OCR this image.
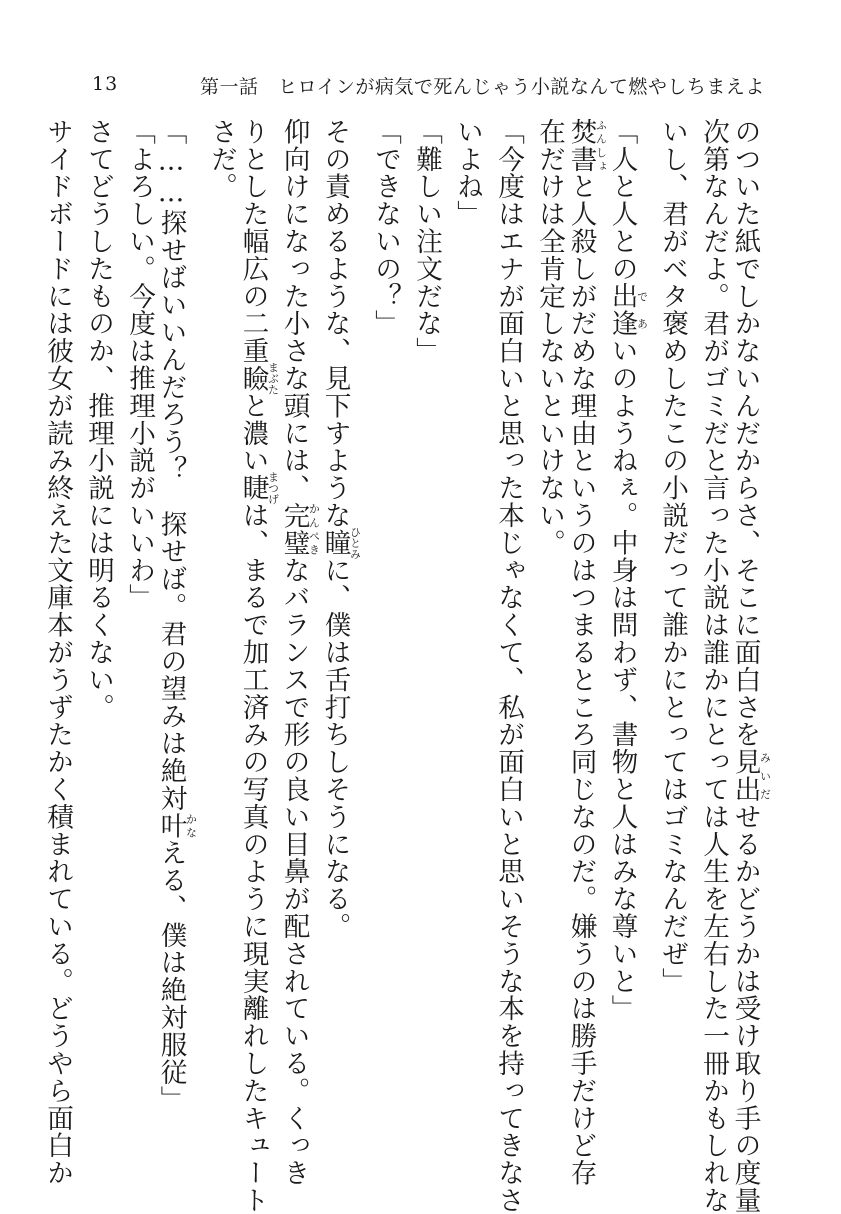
13	第一話　ヒロインが病気で死んじゃう小説なんて燃やしちまえよ
のついた紙でしかないんだからさ、そこに面白さを見出みいだせるかどうかは受け取り手の度量
次第なんだよ。君がゴミだと言った小説は誰かにとっては人生を左右した一冊かもしれな
いし、君がベタ褒めしたこの小説だって誰かにとってはゴミなんだぜ」
「人と人との出逢であいのようねぇ。中身は問わず、書物と人はみな尊いと」
焚書ふんしょと人殺しがだめな理由というのはつまるところ同じなのだ。嫌うのは勝手だけど存
在だけは全肯定しないといけない。
「今度はエナが面白いと思った本じゃなくて、私が面白いと思いそうな本を持ってきなさ
いよね」
「難しい注文だな」
「できないの？」
その責めるような、見下すような瞳ひとみに、僕は舌打ちしそうになる。
仰向けになった小さな頭には、完璧かんぺきなバランスで形の良い目鼻が配されている。くっき
りとした幅広の二重瞼まぶたと濃い睫まつげは、まるで加工済みの写真のように現実離れしたキュート
さだ。
「……探せばいいんだろう？　探せば。君の望みは絶対叶かなえる、僕は絶対服従」
「よろしい。今度は推理小説がいいわ」
さてどうしたものか、推理小説には明るくない。
サイドボードには彼女が読み終えた文庫本がうずたかく積まれている。どうやら面白か
